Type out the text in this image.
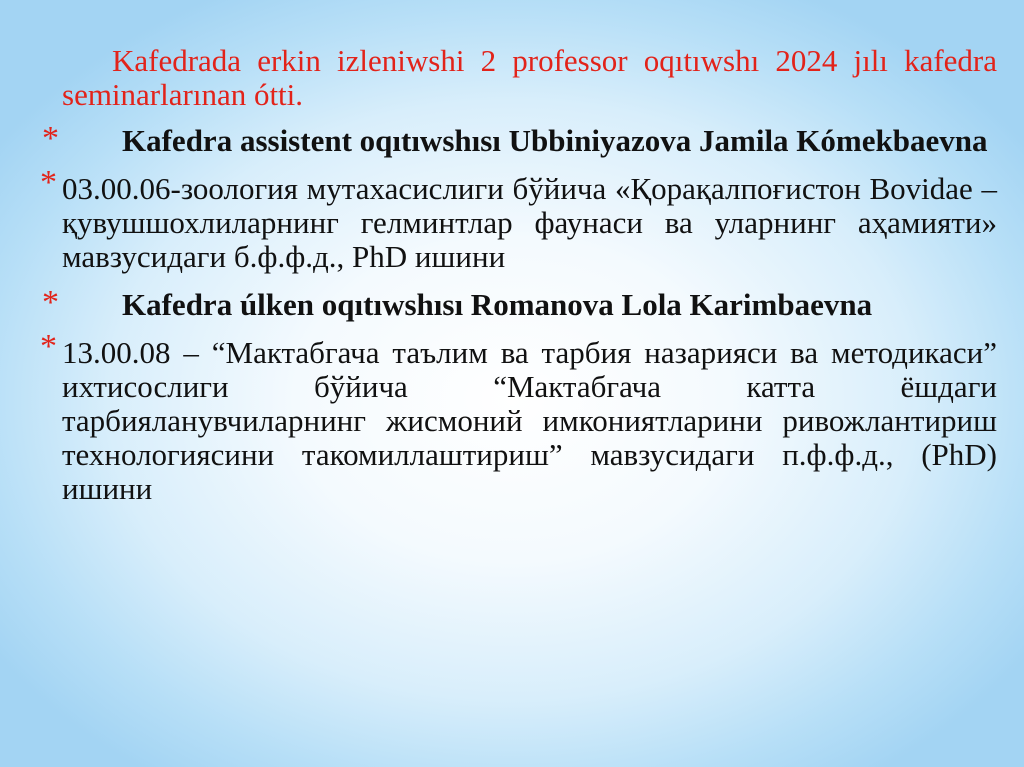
Kafedrada erkin izleniwshi 2 professor oqıtıwshı 2024 jılı kafedra seminarlarınan ótti.

* Kafedra assistent oqıtıwshısı Ubbiniyazova Jamila Kómekbaevna
* 03.00.06-зоология мутахасислиги бўйича «Қорақалпоғистон Bovidae – қувушшохлиларнинг гелминтлар фаунаси ва уларнинг аҳамияти» мавзусидаги б.ф.ф.д., PhD ишини
* Kafedra úlken oqıtıwshısı Romanova Lola Karimbaevna
* 13.00.08 – “Мактабгача таълим ва тарбия назарияси ва методикаси” ихтисослиги бўйича “Мактабгача катта ёшдаги тарбияланувчиларнинг жисмоний имкониятларини ривожлантириш технологиясини такомиллаштириш” мавзусидаги п.ф.ф.д., (PhD) ишини
